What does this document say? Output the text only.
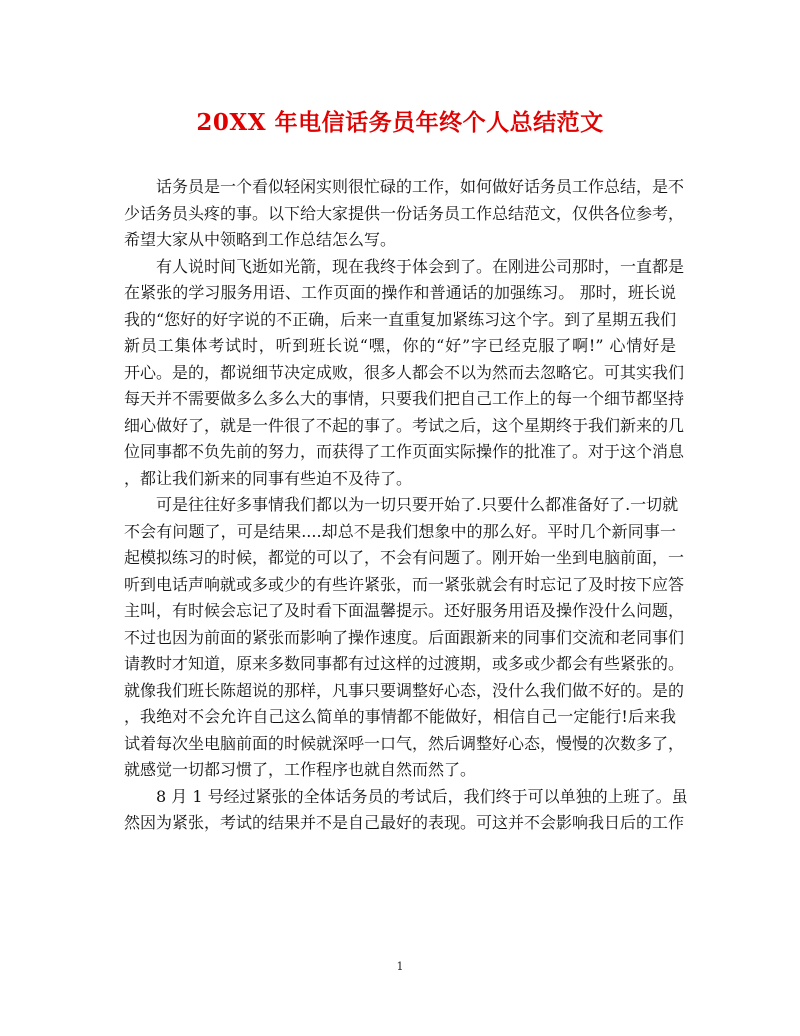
20XX 年电信话务员年终个人总结范文

　　话务员是一个看似轻闲实则很忙碌的工作，如何做好话务员工作总结，是不
少话务员头疼的事。以下给大家提供一份话务员工作总结范文，仅供各位参考，
希望大家从中领略到工作总结怎么写。

　　有人说时间飞逝如光箭，现在我终于体会到了。在刚进公司那时，一直都是
在紧张的学习服务用语、工作页面的操作和普通话的加强练习。 那时，班长说
我的“您好的好字说的不正确，后来一直重复加紧练习这个字。到了星期五我们
新员工集体考试时，听到班长说“嘿，你的“好”字已经克服了啊!” 心情好是
开心。是的，都说细节决定成败，很多人都会不以为然而去忽略它。可其实我们
每天并不需要做多么多么大的事情，只要我们把自己工作上的每一个细节都坚持
细心做好了，就是一件很了不起的事了。考试之后，这个星期终于我们新来的几
位同事都不负先前的努力，而获得了工作页面实际操作的批准了。对于这个消息
，都让我们新来的同事有些迫不及待了。

　　可是往往好多事情我们都以为一切只要开始了.只要什么都准备好了.一切就
不会有问题了，可是结果....却总不是我们想象中的那么好。平时几个新同事一
起模拟练习的时候，都觉的可以了，不会有问题了。刚开始一坐到电脑前面，一
听到电话声响就或多或少的有些许紧张，而一紧张就会有时忘记了及时按下应答
主叫，有时候会忘记了及时看下面温馨提示。还好服务用语及操作没什么问题，
不过也因为前面的紧张而影响了操作速度。后面跟新来的同事们交流和老同事们
请教时才知道，原来多数同事都有过这样的过渡期，或多或少都会有些紧张的。
就像我们班长陈超说的那样，凡事只要调整好心态，没什么我们做不好的。是的
，我绝对不会允许自己这么简单的事情都不能做好，相信自己一定能行!后来我
试着每次坐电脑前面的时候就深呼一口气，然后调整好心态，慢慢的次数多了，
就感觉一切都习惯了，工作程序也就自然而然了。

　　8 月 1 号经过紧张的全体话务员的考试后，我们终于可以单独的上班了。虽
然因为紧张，考试的结果并不是自己最好的表现。可这并不会影响我日后的工作

1
